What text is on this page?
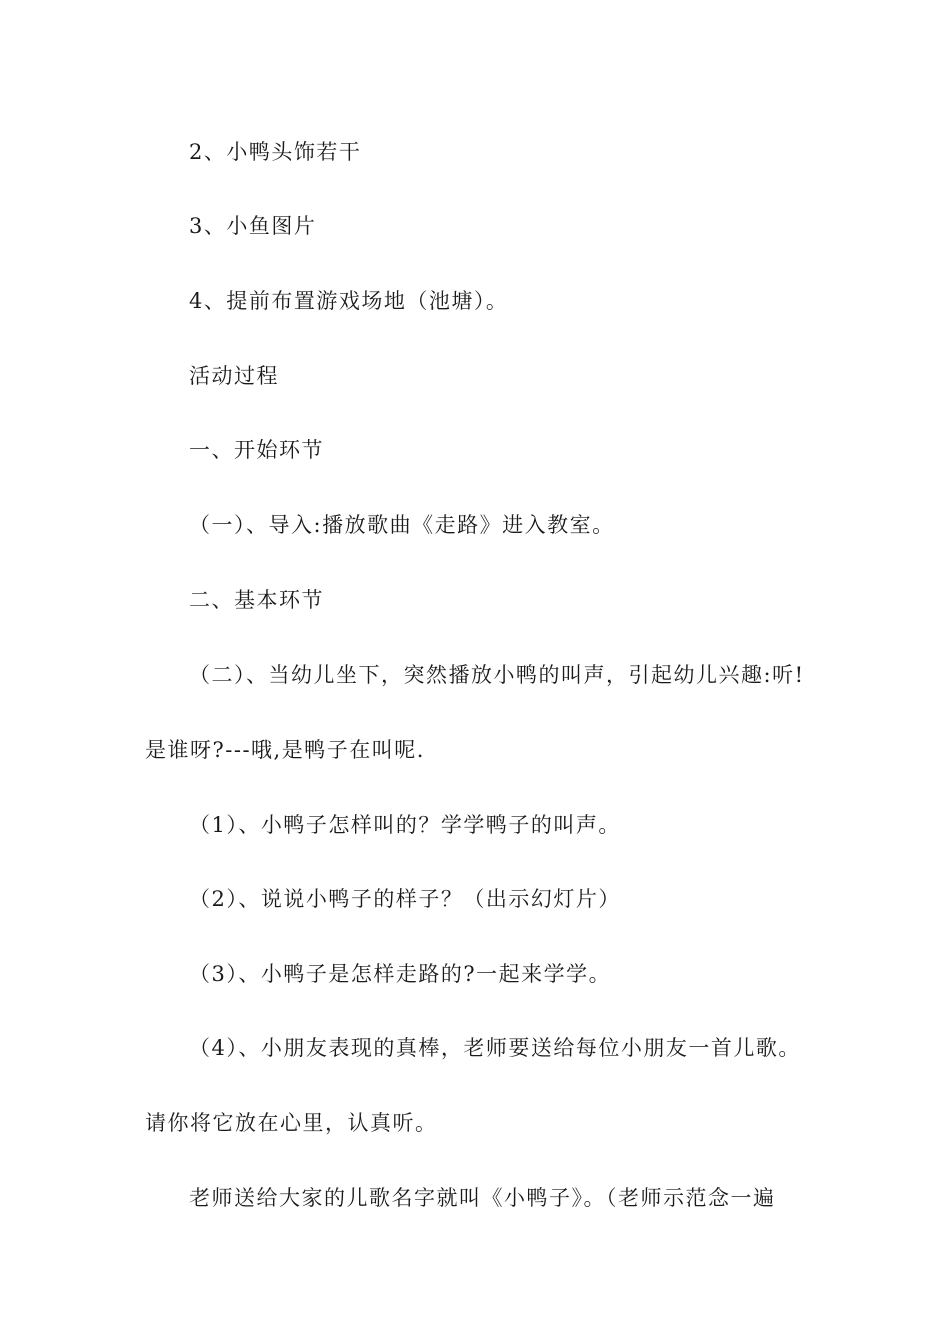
2、小鸭头饰若干
3、小鱼图片
4、提前布置游戏场地（池塘）。
活动过程
一、开始环节
（一）、导入:播放歌曲《走路》进入教室。
二、基本环节
（二）、当幼儿坐下，突然播放小鸭的叫声，引起幼儿兴趣:听!
是谁呀?---哦,是鸭子在叫呢.
（1）、小鸭子怎样叫的？学学鸭子的叫声。
（2）、说说小鸭子的样子？（出示幻灯片）
（3）、小鸭子是怎样走路的?一起来学学。
（4）、小朋友表现的真棒，老师要送给每位小朋友一首儿歌。
请你将它放在心里，认真听。
老师送给大家的儿歌名字就叫《小鸭子》。（老师示范念一遍
